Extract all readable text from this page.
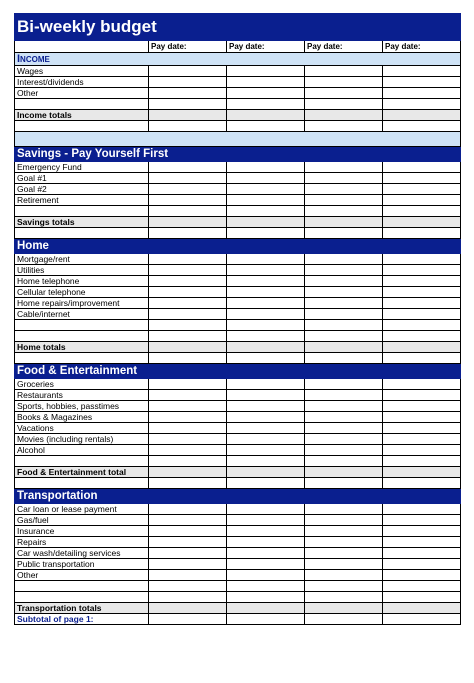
Bi-weekly budget				
	Pay date:	Pay date:	Pay date:	Pay date:
Income				
Wages				
Interest/dividends				
Other				

Income totals				

Savings - Pay Yourself First				
Emergency Fund				
Goal #1				
Goal #2				
Retirement				

Savings totals				

Home				
Mortgage/rent				
Utilities				
Home telephone				
Cellular telephone				
Home repairs/improvement				
Cable/internet				

Home totals				

Food & Entertainment				
Groceries				
Restaurants				
Sports, hobbies, passtimes				
Books & Magazines				
Vacations				
Movies (including rentals)				
Alcohol				

Food & Entertainment total				

Transportation				
Car loan or lease payment				
Gas/fuel				
Insurance				
Repairs				
Car wash/detailing services				
Public transportation				
Other				

Transportation totals				
Subtotal of page 1:				
